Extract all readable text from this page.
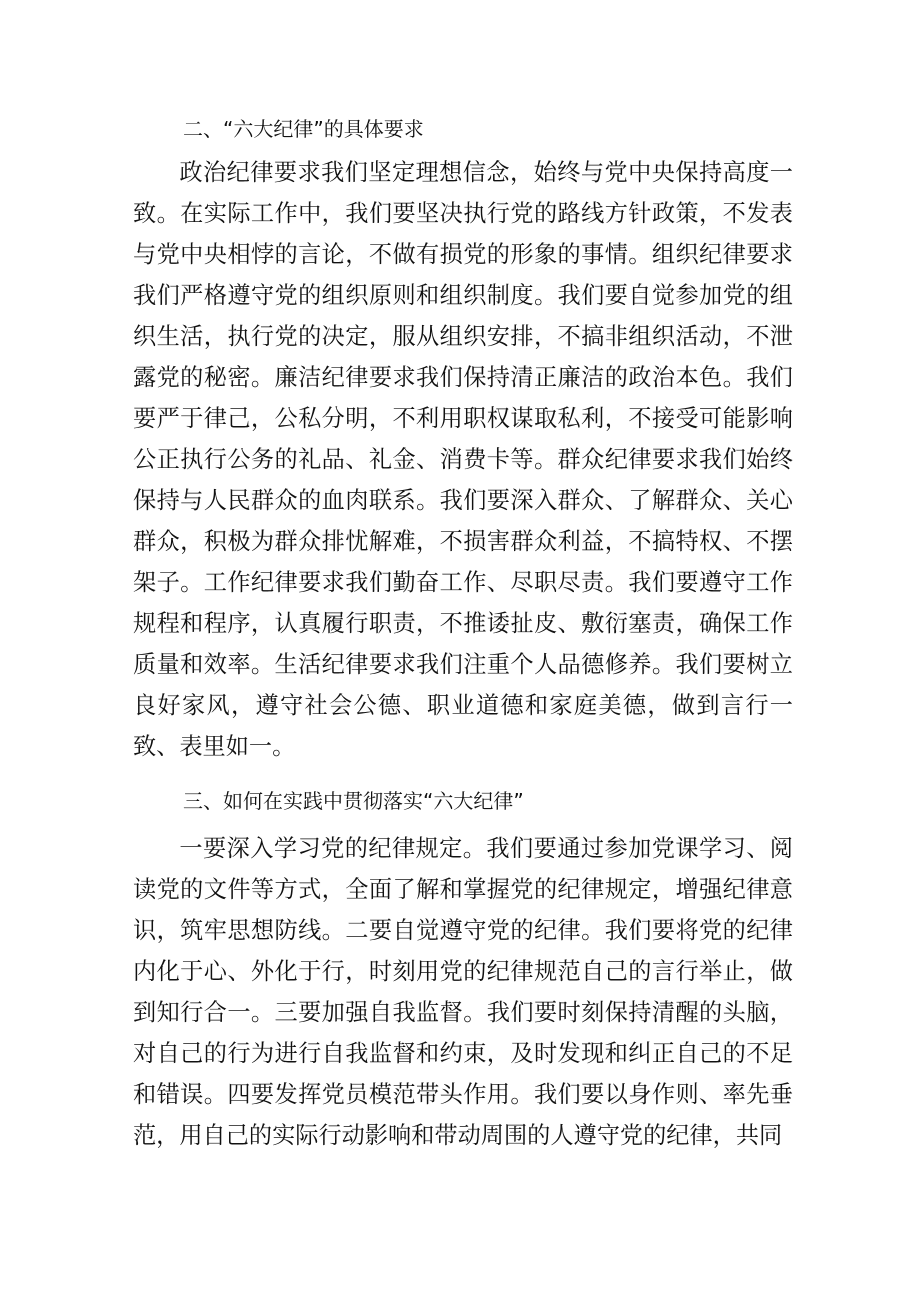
二、“六大纪律”的具体要求

政治纪律要求我们坚定理想信念，始终与党中央保持高度一致。在实际工作中，我们要坚决执行党的路线方针政策，不发表与党中央相悖的言论，不做有损党的形象的事情。组织纪律要求我们严格遵守党的组织原则和组织制度。我们要自觉参加党的组织生活，执行党的决定，服从组织安排，不搞非组织活动，不泄露党的秘密。廉洁纪律要求我们保持清正廉洁的政治本色。我们要严于律己，公私分明，不利用职权谋取私利，不接受可能影响公正执行公务的礼品、礼金、消费卡等。群众纪律要求我们始终保持与人民群众的血肉联系。我们要深入群众、了解群众、关心群众，积极为群众排忧解难，不损害群众利益，不搞特权、不摆架子。工作纪律要求我们勤奋工作、尽职尽责。我们要遵守工作规程和程序，认真履行职责，不推诿扯皮、敷衍塞责，确保工作质量和效率。生活纪律要求我们注重个人品德修养。我们要树立良好家风，遵守社会公德、职业道德和家庭美德，做到言行一致、表里如一。

三、如何在实践中贯彻落实“六大纪律”

一要深入学习党的纪律规定。我们要通过参加党课学习、阅读党的文件等方式，全面了解和掌握党的纪律规定，增强纪律意识，筑牢思想防线。二要自觉遵守党的纪律。我们要将党的纪律内化于心、外化于行，时刻用党的纪律规范自己的言行举止，做到知行合一。三要加强自我监督。我们要时刻保持清醒的头脑，对自己的行为进行自我监督和约束，及时发现和纠正自己的不足和错误。四要发挥党员模范带头作用。我们要以身作则、率先垂范，用自己的实际行动影响和带动周围的人遵守党的纪律，共同
